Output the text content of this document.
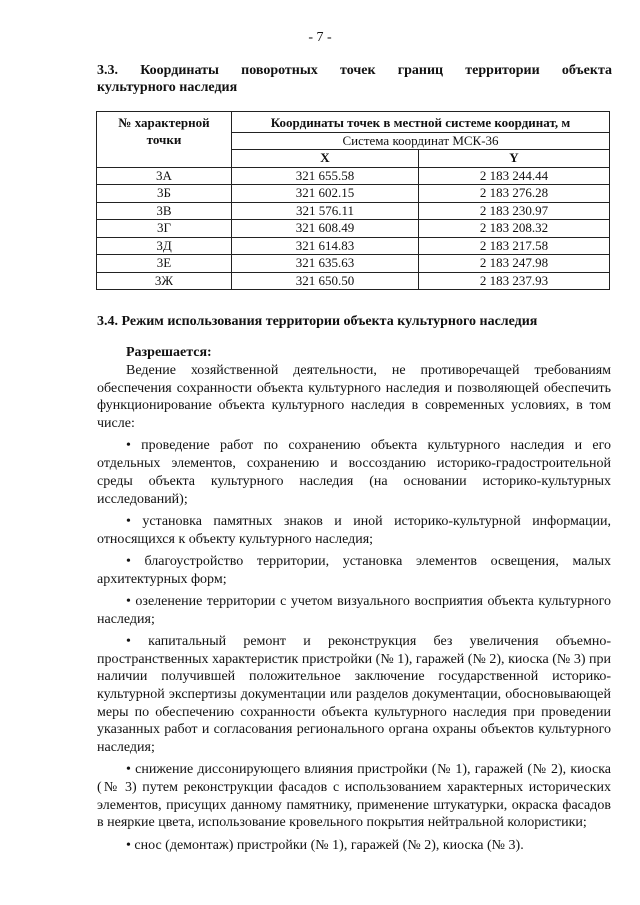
- 7 -
3.3. Координаты поворотных точек границ территории объекта
культурного наследия
№ характерной
точки	Координаты точек в местной системе координат, м	
	Система координат МСК-36	
	X	Y
3А	321 655.58	2 183 244.44
3Б	321 602.15	2 183 276.28
3В	321 576.11	2 183 230.97
3Г	321 608.49	2 183 208.32
3Д	321 614.83	2 183 217.58
3Е	321 635.63	2 183 247.98
3Ж	321 650.50	2 183 237.93
3.4. Режим использования территории объекта культурного наследия
Разрешается:

Ведение хозяйственной деятельности, не противоречащей требованиям обеспечения сохранности объекта культурного наследия и позволяющей обеспечить функционирование объекта культурного наследия в современных условиях, в том числе:

• проведение работ по сохранению объекта культурного наследия и его отдельных элементов, сохранению и воссозданию историко-градостроительной среды объекта культурного наследия (на основании историко-культурных исследований);

• установка памятных знаков и иной историко-культурной информации, относящихся к объекту культурного наследия;

• благоустройство территории, установка элементов освещения, малых архитектурных форм;

• озеленение территории с учетом визуального восприятия объекта культурного наследия;

• капитальный ремонт и реконструкция без увеличения объемно-пространственных характеристик пристройки (№ 1), гаражей (№ 2), киоска (№ 3) при наличии получившей положительное заключение государственной историко-культурной экспертизы документации или разделов документации, обосновывающей меры по обеспечению сохранности объекта культурного наследия при проведении указанных работ и согласования регионального органа охраны объектов культурного наследия;

• снижение диссонирующего влияния пристройки (№ 1), гаражей (№ 2), киоска (№ 3) путем реконструкции фасадов с использованием характерных исторических элементов, присущих данному памятнику, применение штукатурки, окраска фасадов в неяркие цвета, использование кровельного покрытия нейтральной колористики;

• снос (демонтаж) пристройки (№ 1), гаражей (№ 2), киоска (№ 3).
